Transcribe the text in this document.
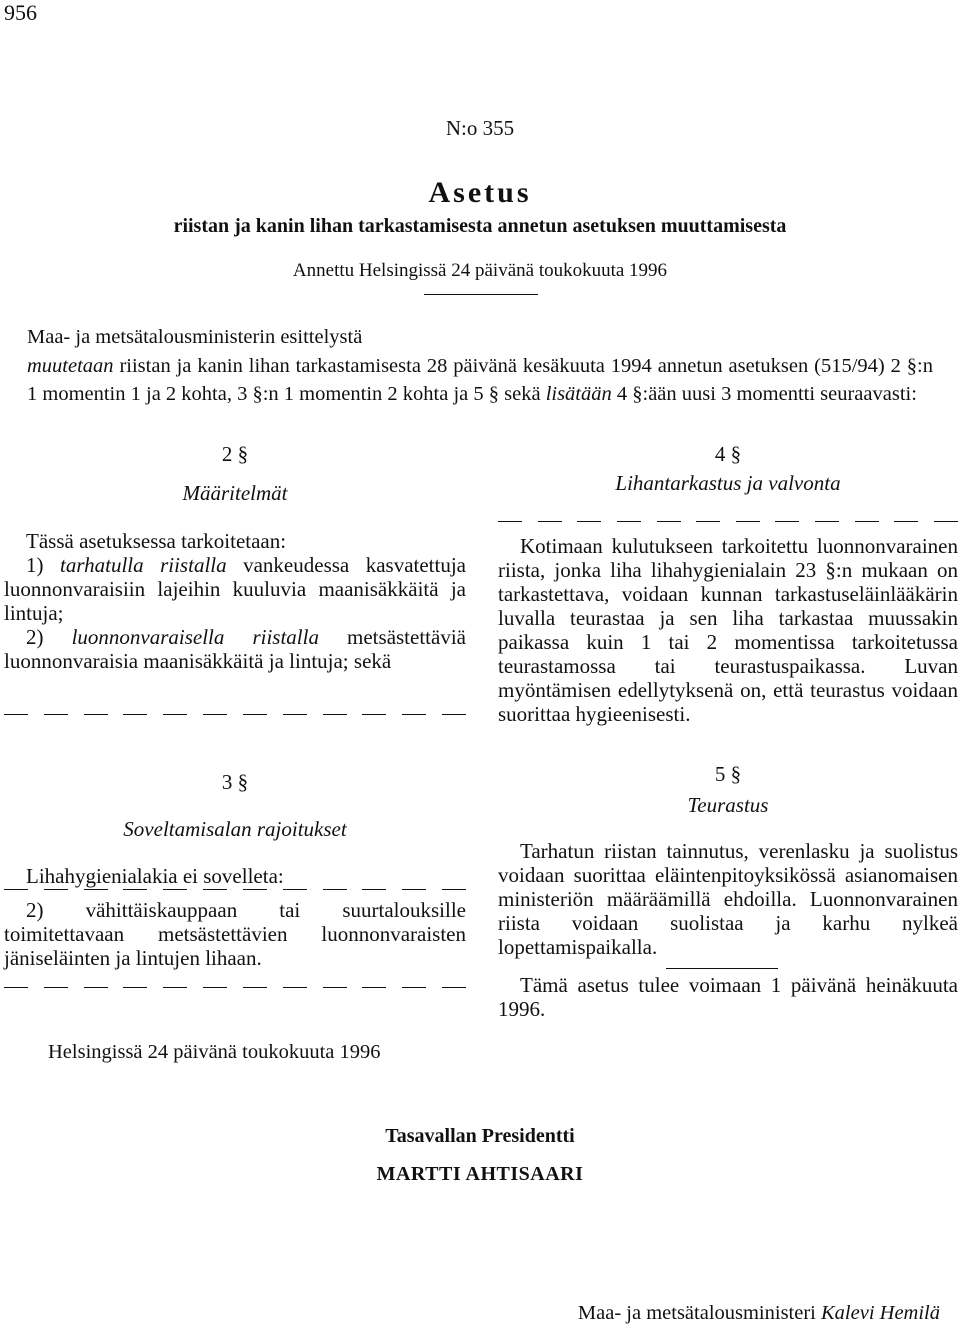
956
N:o 355
Asetus
riistan ja kanin lihan tarkastamisesta annetun asetuksen muuttamisesta
Annettu Helsingissä 24 päivänä toukokuuta 1996

Maa- ja metsätalousministerin esittelystä

muutetaan riistan ja kanin lihan tarkastamisesta 28 päivänä kesäkuuta 1994 annetun asetuksen (515/94) 2 §:n 1 momentin 1 ja 2 kohta, 3 §:n 1 momentin 2 kohta ja 5 § sekä lisätään 4 §:ään uusi 3 momentti seuraavasti:

2 §
Määritelmät

Tässä asetuksessa tarkoitetaan:

1) tarhatulla riistalla vankeudessa kasvatettuja luonnonvaraisiin lajeihin kuuluvia maanisäkkäitä ja lintuja;

2) luonnonvaraisella riistalla metsästettäviä luonnonvaraisia maanisäkkäitä ja lintuja; sekä

3 §
Soveltamisalan rajoitukset

Lihahygienialakia ei sovelleta:

2) vähittäiskauppaan tai suurtalouksille toimitettavaan metsästettävien luonnonvaraisten jäniseläinten ja lintujen lihaan.

4 §
Lihantarkastus ja valvonta

Kotimaan kulutukseen tarkoitettu luonnonvarainen riista, jonka liha lihahygienialain 23 §:n mukaan on tarkastettava, voidaan kunnan tarkastuseläinlääkärin luvalla teurastaa ja sen liha tarkastaa muussakin paikassa kuin 1 tai 2 momentissa tarkoitetussa teurastamossa tai teurastuspaikassa. Luvan myöntämisen edellytyksenä on, että teurastus voidaan suorittaa hygieenisesti.

5 §
Teurastus

Tarhatun riistan tainnutus, verenlasku ja suolistus voidaan suorittaa eläintenpitoyksikössä asianomaisen ministeriön määräämillä ehdoilla. Luonnonvarainen riista voidaan suolistaa ja karhu nylkeä lopettamispaikalla.

Tämä asetus tulee voimaan 1 päivänä heinäkuuta 1996.

Helsingissä 24 päivänä toukokuuta 1996
Tasavallan Presidentti
MARTTI AHTISAARI
Maa- ja metsätalousministeri Kalevi Hemilä
